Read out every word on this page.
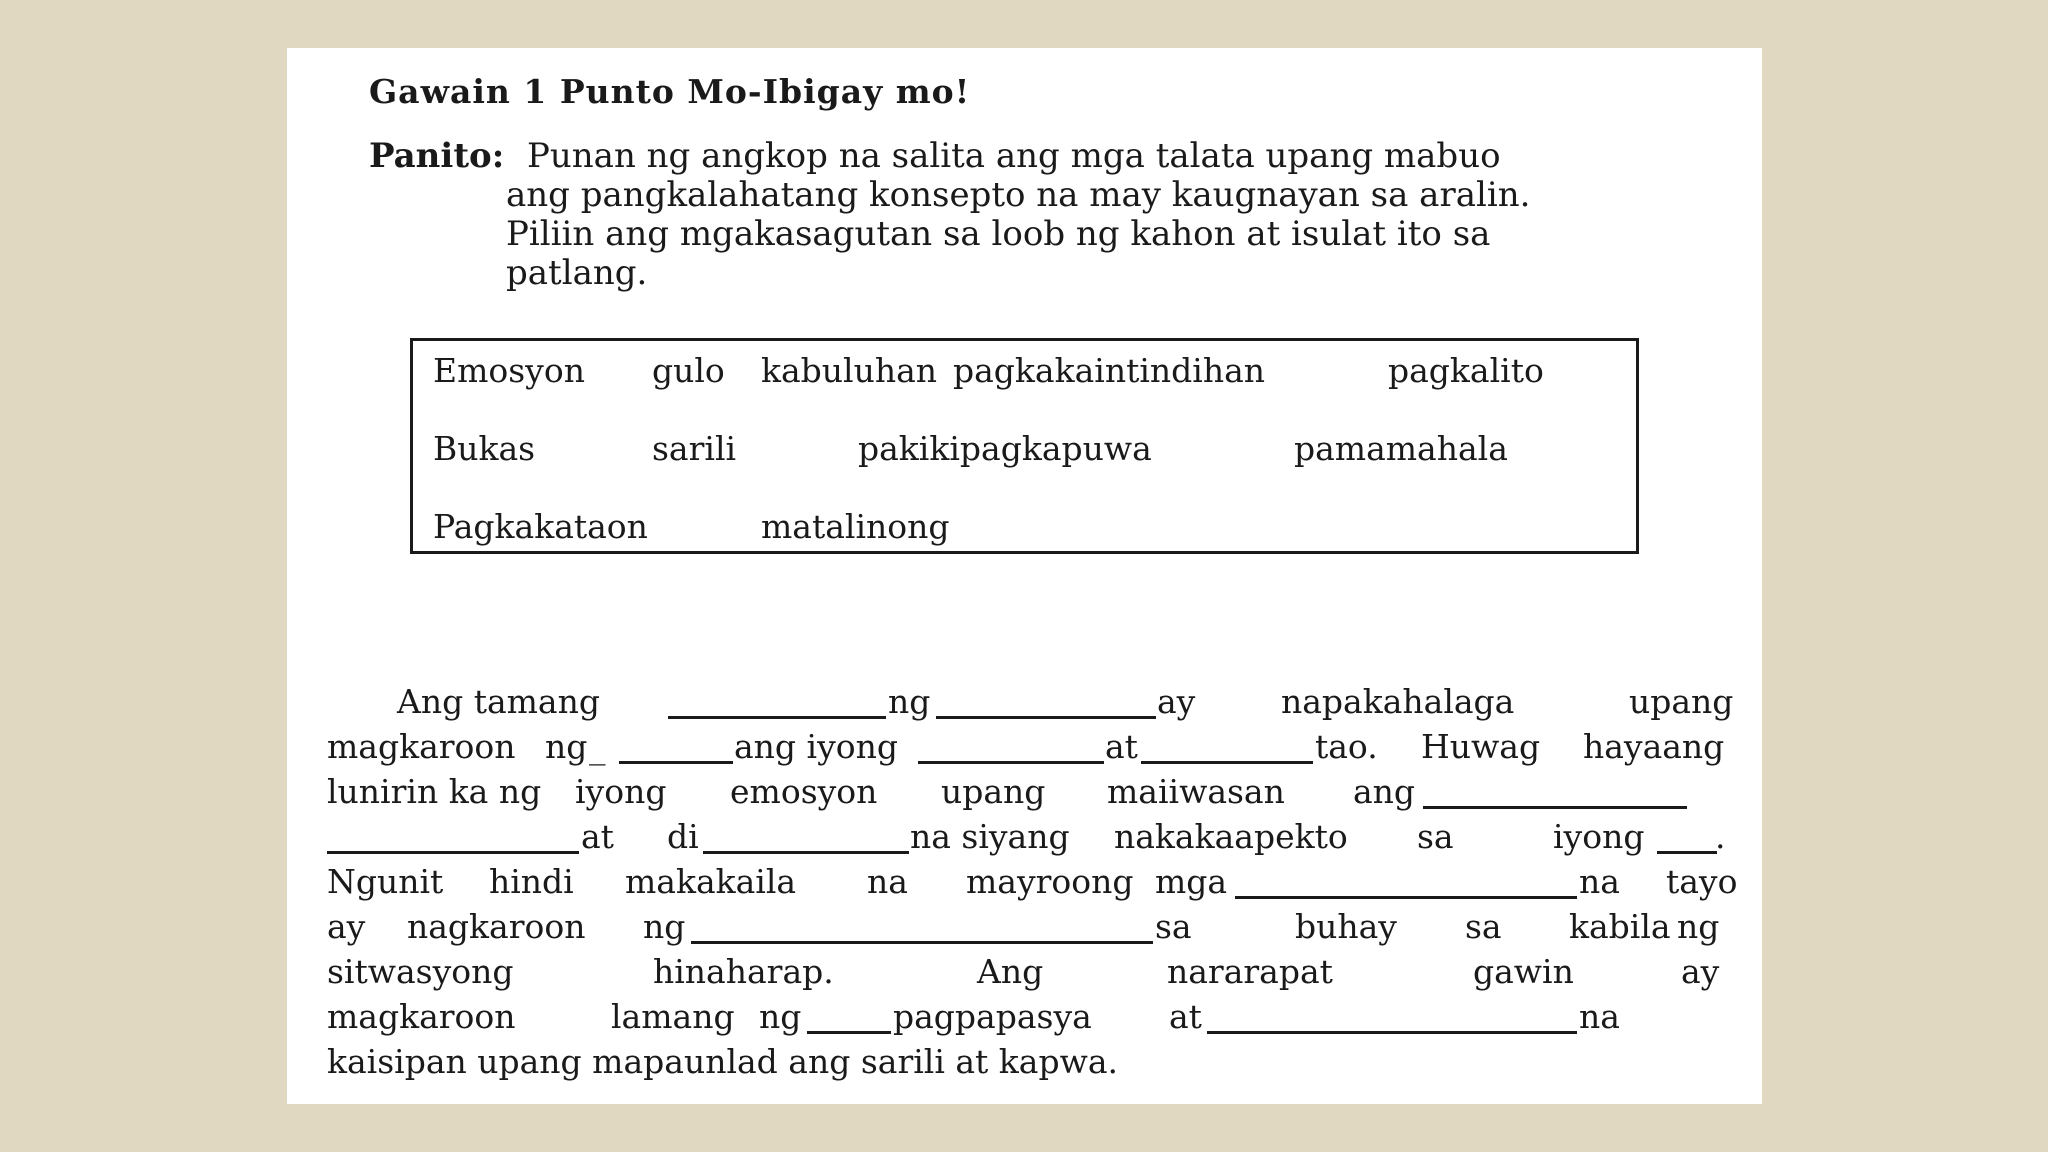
Gawain 1 Punto Mo-Ibigay mo!
Panito: Punan ng angkop na salita ang mga talata upang mabuo
ang pangkalahatang konsepto na may kaugnayan sa aralin.
Piliin ang mgakasagutan sa loob ng kahon at isulat ito sa
patlang.
Emosyon gulo kabuluhan pagkakaintindihan	pagkalito
Bukas	sarili	pakikipagkapuwa	pamamahala
Pagkakataon	matalinong
Ang tamang	ng	ay	napakahalaga	upang
magkaroon ng _	ang iyong	at	tao. Huwag hayaang
lunirin ka ng iyong emosyon upang maiiwasan ang
at di	na siyang nakakaapekto sa	iyong .
Ngunit hindi makakaila na mayroong mga	na tayo
ay nagkaroon ng	sa	buhay sa kabila ng
sitwasyong	hinaharap.	Ang	nararapat	gawin	ay
magkaroon	lamang ng	pagpapasya at	na
kaisipan upang mapaunlad ang sarili at kapwa.
